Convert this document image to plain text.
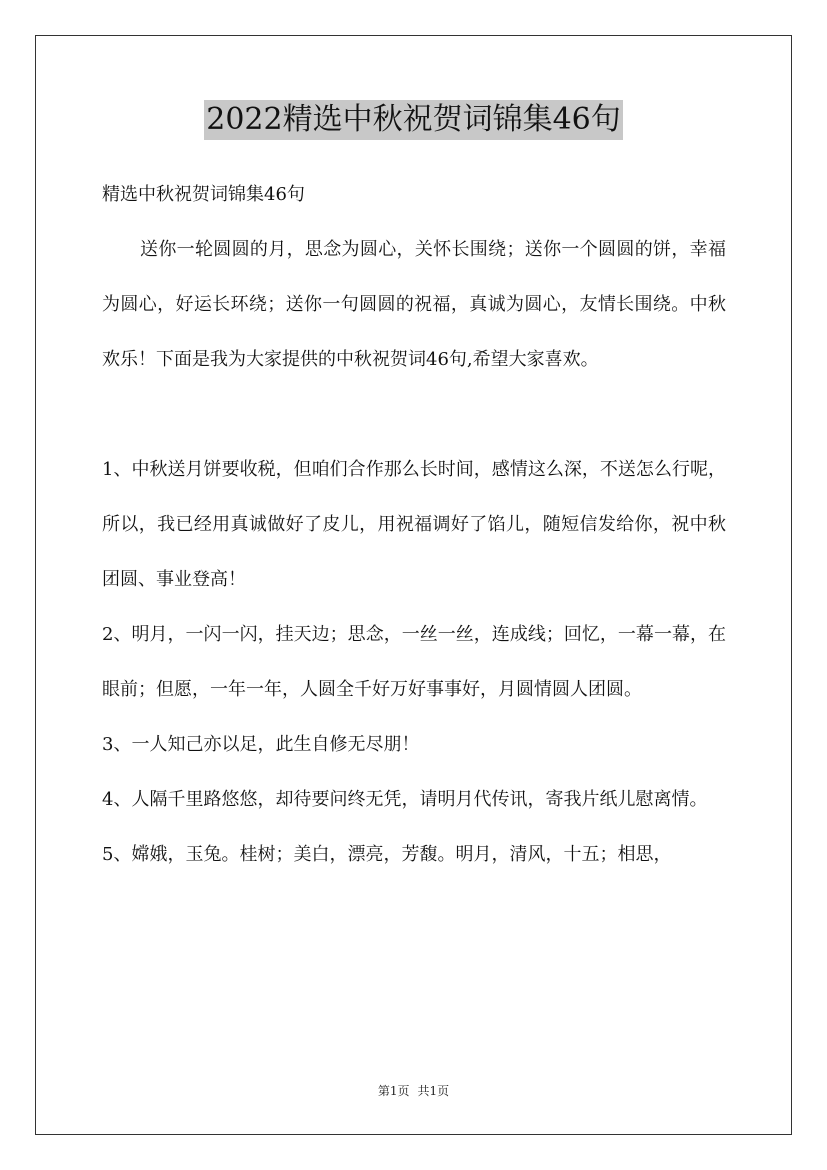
2022精选中秋祝贺词锦集46句

精选中秋祝贺词锦集46句

送你一轮圆圆的月，思念为圆心，关怀长围绕；送你一个圆圆的饼，幸福为圆心，好运长环绕；送你一句圆圆的祝福，真诚为圆心，友情长围绕。中秋欢乐！下面是我为大家提供的中秋祝贺词46句,希望大家喜欢。

1、中秋送月饼要收税，但咱们合作那么长时间，感情这么深，不送怎么行呢，所以，我已经用真诚做好了皮儿，用祝福调好了馅儿，随短信发给你，祝中秋团圆、事业登高！

2、明月，一闪一闪，挂天边；思念，一丝一丝，连成线；回忆，一幕一幕，在眼前；但愿，一年一年，人圆全千好万好事事好，月圆情圆人团圆。

3、一人知己亦以足，此生自修无尽朋！

4、人隔千里路悠悠，却待要问终无凭，请明月代传讯，寄我片纸儿慰离情。

5、嫦娥，玉兔。桂树；美白，漂亮，芳馥。明月，清风，十五；相思，

第1页 共1页
